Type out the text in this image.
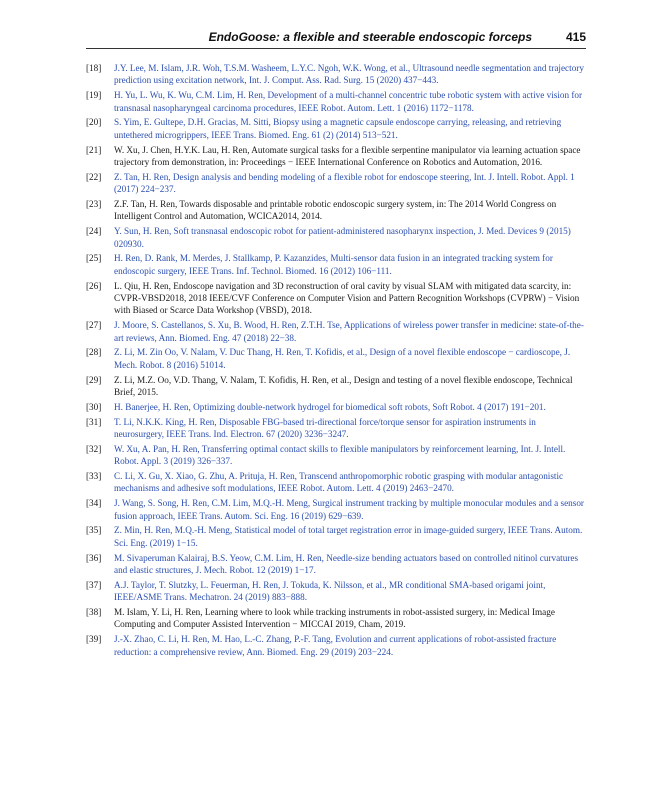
EndoGoose: a flexible and steerable endoscopic forceps	415
[18] J.Y. Lee, M. Islam, J.R. Woh, T.S.M. Washeem, L.Y.C. Ngoh, W.K. Wong, et al., Ultrasound needle segmentation and trajectory prediction using excitation network, Int. J. Comput. Ass. Rad. Surg. 15 (2020) 437−443.
[19] H. Yu, L. Wu, K. Wu, C.M. Lim, H. Ren, Development of a multi-channel concentric tube robotic system with active vision for transnasal nasopharyngeal carcinoma procedures, IEEE Robot. Autom. Lett. 1 (2016) 1172−1178.
[20] S. Yim, E. Gultepe, D.H. Gracias, M. Sitti, Biopsy using a magnetic capsule endoscope carrying, releasing, and retrieving untethered microgrippers, IEEE Trans. Biomed. Eng. 61 (2) (2014) 513−521.
[21] W. Xu, J. Chen, H.Y.K. Lau, H. Ren, Automate surgical tasks for a flexible serpentine manipulator via learning actuation space trajectory from demonstration, in: Proceedings − IEEE International Conference on Robotics and Automation, 2016.
[22] Z. Tan, H. Ren, Design analysis and bending modeling of a flexible robot for endoscope steering, Int. J. Intell. Robot. Appl. 1 (2017) 224−237.
[23] Z.F. Tan, H. Ren, Towards disposable and printable robotic endoscopic surgery system, in: The 2014 World Congress on Intelligent Control and Automation, WCICA2014, 2014.
[24] Y. Sun, H. Ren, Soft transnasal endoscopic robot for patient-administered nasopharynx inspection, J. Med. Devices 9 (2015) 020930.
[25] H. Ren, D. Rank, M. Merdes, J. Stallkamp, P. Kazanzides, Multi-sensor data fusion in an integrated tracking system for endoscopic surgery, IEEE Trans. Inf. Technol. Biomed. 16 (2012) 106−111.
[26] L. Qiu, H. Ren, Endoscope navigation and 3D reconstruction of oral cavity by visual SLAM with mitigated data scarcity, in: CVPR-VBSD2018, 2018 IEEE/CVF Conference on Computer Vision and Pattern Recognition Workshops (CVPRW) − Vision with Biased or Scarce Data Workshop (VBSD), 2018.
[27] J. Moore, S. Castellanos, S. Xu, B. Wood, H. Ren, Z.T.H. Tse, Applications of wireless power transfer in medicine: state-of-the-art reviews, Ann. Biomed. Eng. 47 (2018) 22−38.
[28] Z. Li, M. Zin Oo, V. Nalam, V. Duc Thang, H. Ren, T. Kofidis, et al., Design of a novel flexible endoscope − cardioscope, J. Mech. Robot. 8 (2016) 51014.
[29] Z. Li, M.Z. Oo, V.D. Thang, V. Nalam, T. Kofidis, H. Ren, et al., Design and testing of a novel flexible endoscope, Technical Brief, 2015.
[30] H. Banerjee, H. Ren, Optimizing double-network hydrogel for biomedical soft robots, Soft Robot. 4 (2017) 191−201.
[31] T. Li, N.K.K. King, H. Ren, Disposable FBG-based tri-directional force/torque sensor for aspiration instruments in neurosurgery, IEEE Trans. Ind. Electron. 67 (2020) 3236−3247.
[32] W. Xu, A. Pan, H. Ren, Transferring optimal contact skills to flexible manipulators by reinforcement learning, Int. J. Intell. Robot. Appl. 3 (2019) 326−337.
[33] C. Li, X. Gu, X. Xiao, G. Zhu, A. Prituja, H. Ren, Transcend anthropomorphic robotic grasping with modular antagonistic mechanisms and adhesive soft modulations, IEEE Robot. Autom. Lett. 4 (2019) 2463−2470.
[34] J. Wang, S. Song, H. Ren, C.M. Lim, M.Q.-H. Meng, Surgical instrument tracking by multiple monocular modules and a sensor fusion approach, IEEE Trans. Autom. Sci. Eng. 16 (2019) 629−639.
[35] Z. Min, H. Ren, M.Q.-H. Meng, Statistical model of total target registration error in image-guided surgery, IEEE Trans. Autom. Sci. Eng. (2019) 1−15.
[36] M. Sivaperuman Kalairaj, B.S. Yeow, C.M. Lim, H. Ren, Needle-size bending actuators based on controlled nitinol curvatures and elastic structures, J. Mech. Robot. 12 (2019) 1−17.
[37] A.J. Taylor, T. Slutzky, L. Feuerman, H. Ren, J. Tokuda, K. Nilsson, et al., MR conditional SMA-based origami joint, IEEE/ASME Trans. Mechatron. 24 (2019) 883−888.
[38] M. Islam, Y. Li, H. Ren, Learning where to look while tracking instruments in robot-assisted surgery, in: Medical Image Computing and Computer Assisted Intervention − MICCAI 2019, Cham, 2019.
[39] J.-X. Zhao, C. Li, H. Ren, M. Hao, L.-C. Zhang, P.-F. Tang, Evolution and current applications of robot-assisted fracture reduction: a comprehensive review, Ann. Biomed. Eng. 29 (2019) 203−224.
